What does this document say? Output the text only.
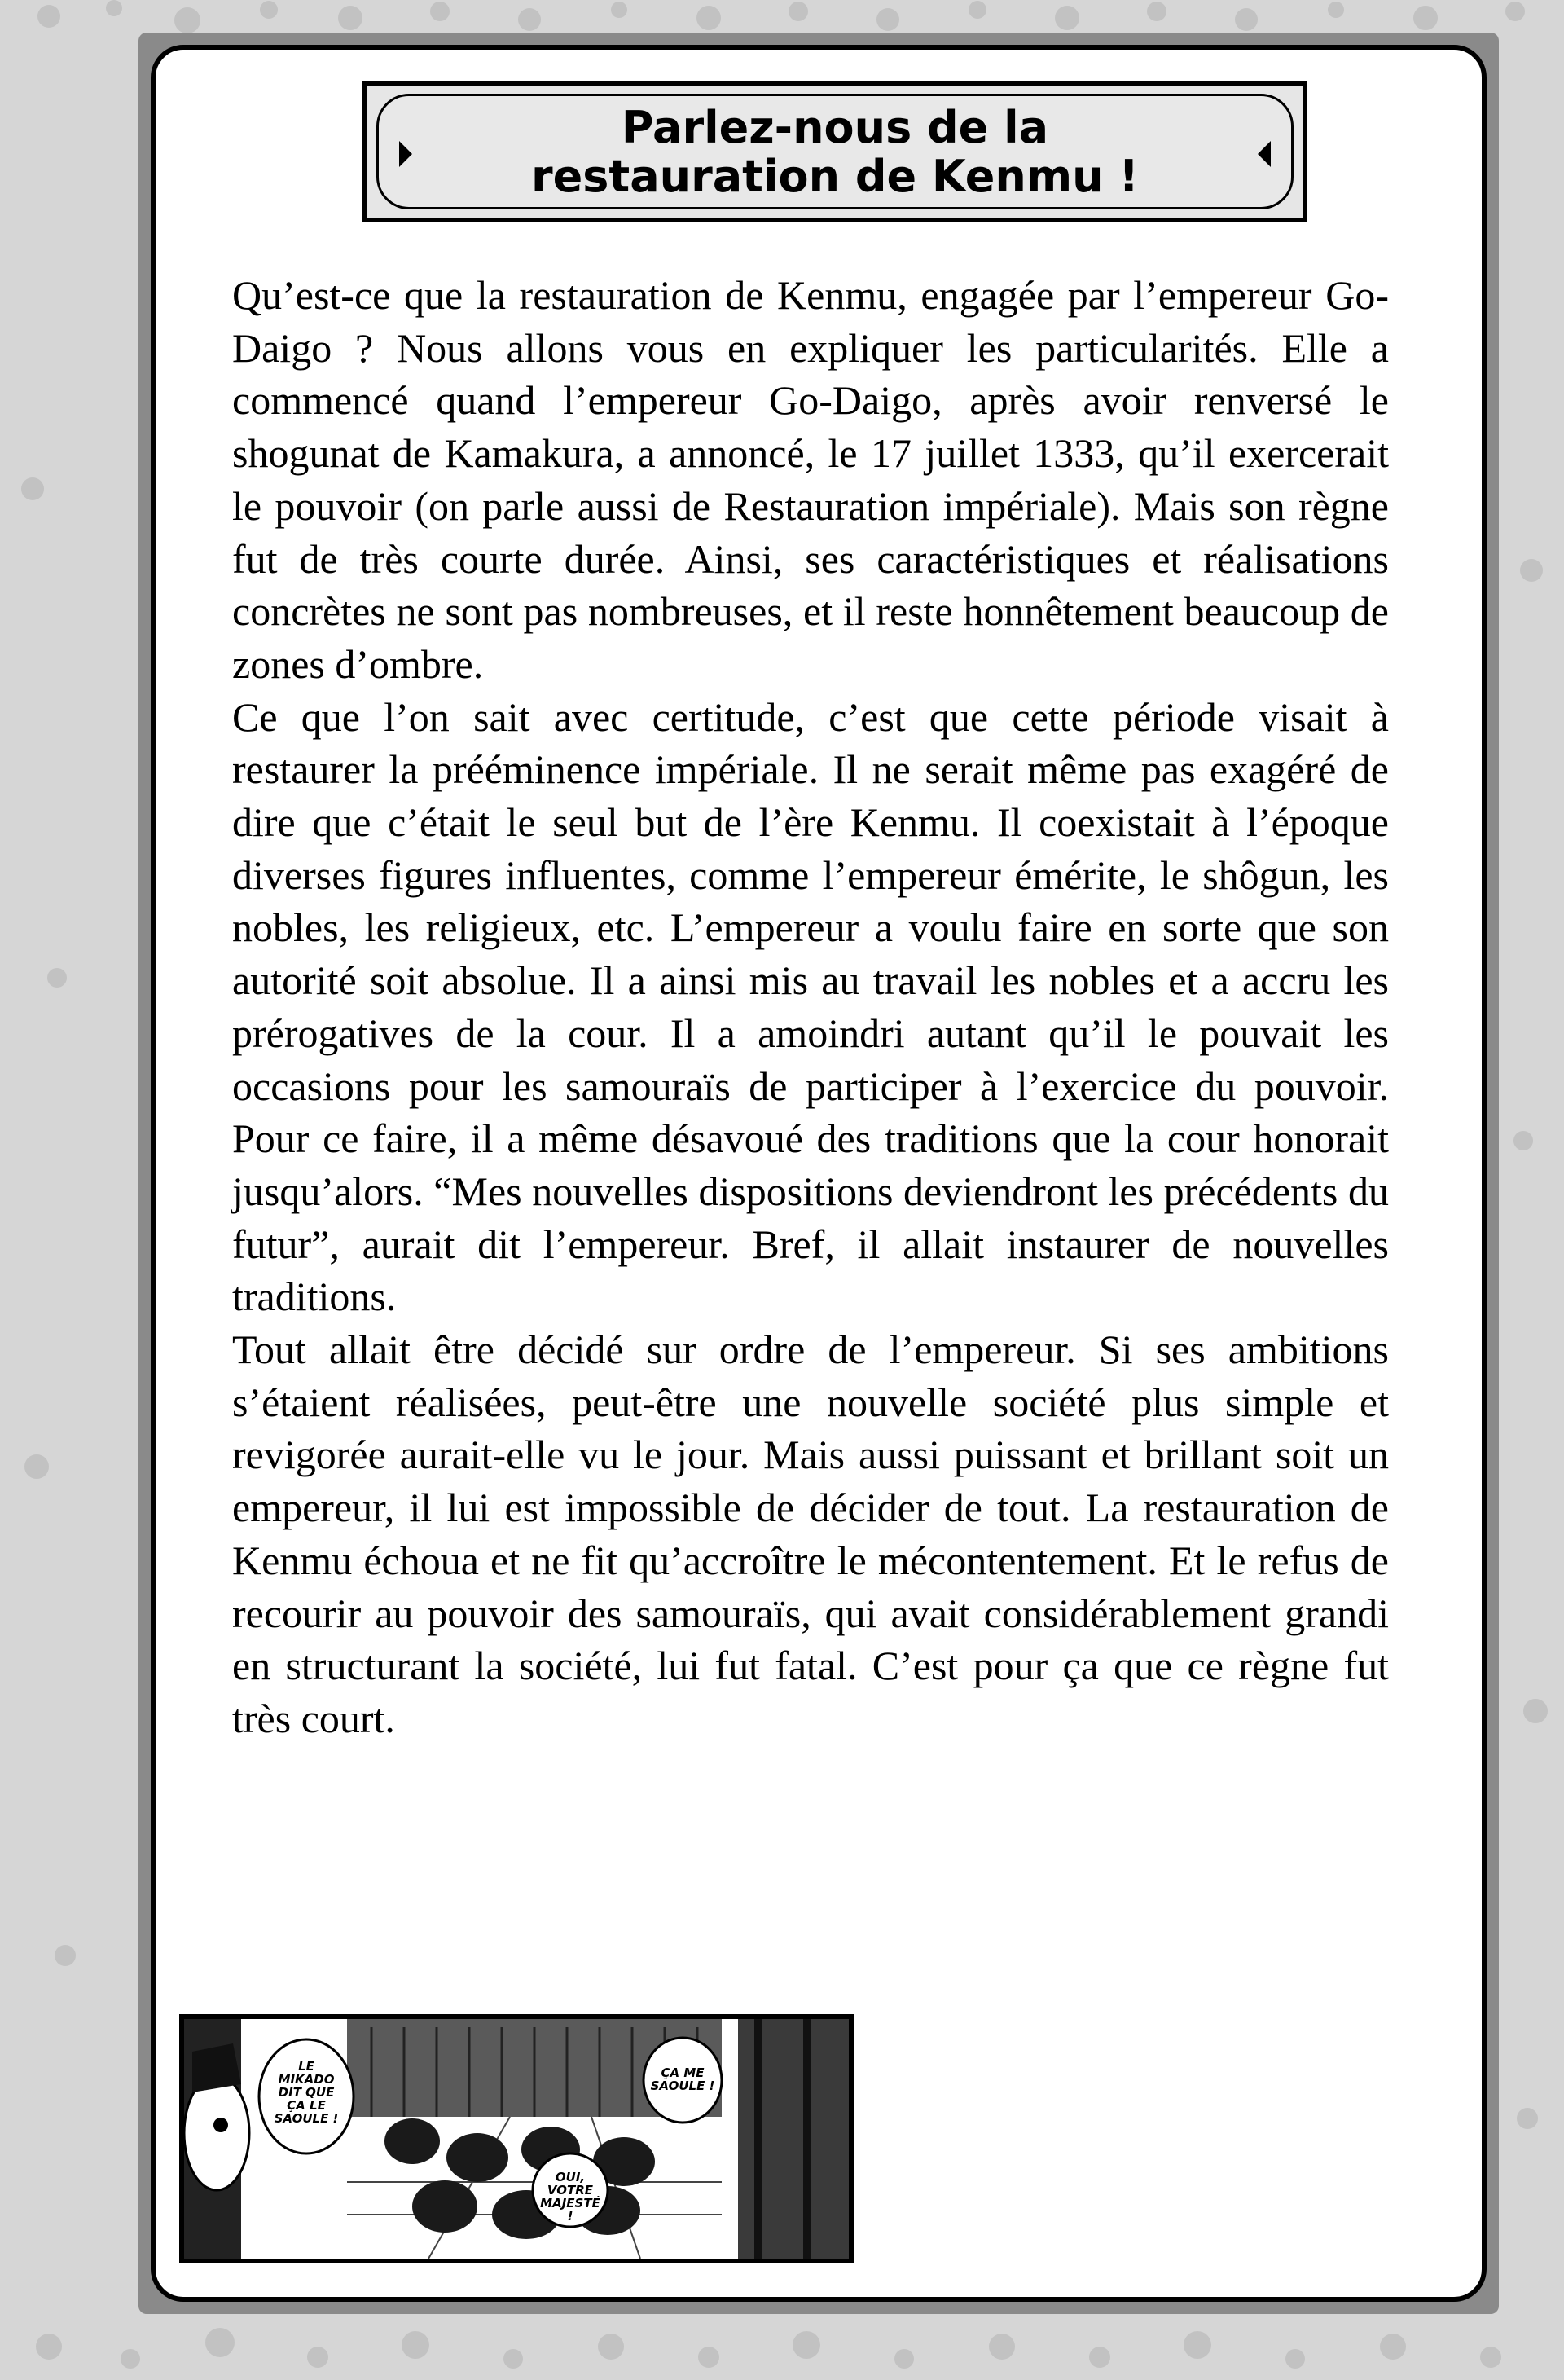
Parlez-nous de la
restauration de Kenmu !

Qu’est-ce que la restauration de Kenmu, engagée par l’empereur Go-Daigo ? Nous allons vous en expliquer les particularités. Elle a commencé quand l’empereur Go-Daigo, après avoir renversé le shogunat de Kamakura, a annoncé, le 17 juillet 1333, qu’il exercerait le pouvoir (on parle aussi de Restauration impériale). Mais son règne fut de très courte durée. Ainsi, ses caractéristiques et réalisations concrètes ne sont pas nombreuses, et il reste honnêtement beaucoup de zones d’ombre.

Ce que l’on sait avec certitude, c’est que cette période visait à restaurer la prééminence impériale. Il ne serait même pas exagéré de dire que c’était le seul but de l’ère Kenmu. Il coexistait à l’époque diverses figures influentes, comme l’empereur émérite, le shôgun, les nobles, les religieux, etc. L’empereur a voulu faire en sorte que son autorité soit absolue. Il a ainsi mis au travail les nobles et a accru les prérogatives de la cour. Il a amoindri autant qu’il le pouvait les occasions pour les samouraïs de participer à l’exercice du pouvoir. Pour ce faire, il a même désavoué des traditions que la cour honorait jusqu’alors. “Mes nouvelles dispositions deviendront les précédents du futur”, aurait dit l’empereur. Bref, il allait instaurer de nouvelles traditions.

Tout allait être décidé sur ordre de l’empereur. Si ses ambitions s’étaient réalisées, peut-être une nouvelle société plus simple et revigorée aurait-elle vu le jour. Mais aussi puissant et brillant soit un empereur, il lui est impossible de décider de tout. La restauration de Kenmu échoua et ne fit qu’accroître le mécontentement. Et le refus de recourir au pouvoir des samouraïs, qui avait considérablement grandi en structurant la société, lui fut fatal. C’est pour ça que ce règne fut très court.

LE
MIKADO
DIT QUE
ÇA LE
SAOULE !
ÇA ME
SAOULE !
OUI,
VOTRE
MAJESTÉ !
